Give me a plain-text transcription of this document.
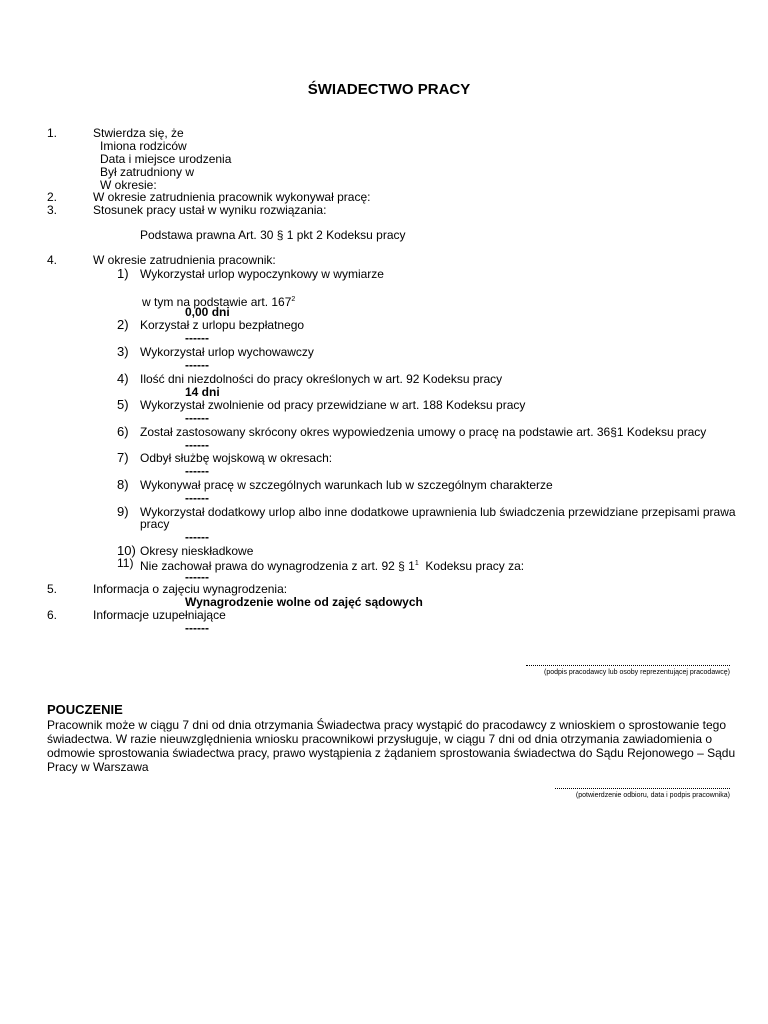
ŚWIADECTWO PRACY
1.	Stwierdza się, że
Imiona rodziców
Data i miejsce urodzenia
Był zatrudniony w
W okresie:
2.	W okresie zatrudnienia pracownik wykonywał pracę:
3.	Stosunek pracy ustał w wyniku rozwiązania:
Podstawa prawna Art. 30 § 1 pkt 2 Kodeksu pracy
4.	W okresie zatrudnienia pracownik:
1) Wykorzystał urlop wypoczynkowy w wymiarze
w tym na podstawie art. $167^2$
0,00 dni
2) Korzystał z urlopu bezpłatnego
------
3) Wykorzystał urlop wychowawczy
------
4) Ilość dni niezdolności do pracy określonych w art. 92 Kodeksu pracy
14 dni
5) Wykorzystał zwolnienie od pracy przewidziane w art. 188 Kodeksu pracy
------
6) Został zastosowany skrócony okres wypowiedzenia umowy o pracę na podstawie art. 36§1 Kodeksu pracy
------
7) Odbył służbę wojskową w okresach:
------
8) Wykonywał pracę w szczególnych warunkach lub w szczególnym charakterze
------
9) Wykorzystał dodatkowy urlop albo inne dodatkowe uprawnienia lub świadczenia przewidziane przepisami prawa
pracy
------
10) Okresy nieskładkowe
11) Nie zachował prawa do wynagrodzenia z art. 92 § $1^1$  Kodeksu pracy za:
------
5.	Informacja o zajęciu wynagrodzenia:
Wynagrodzenie wolne od zajęć sądowych
6.	Informacje uzupełniające
------
(podpis pracodawcy lub osoby reprezentującej pracodawcę)
POUCZENIE
Pracownik może w ciągu 7 dni od dnia otrzymania Świadectwa pracy wystąpić do pracodawcy z wnioskiem o sprostowanie tego świadectwa. W razie nieuwzględnienia wniosku pracownikowi przysługuje, w ciągu 7 dni od dnia otrzymania zawiadomienia o odmowie sprostowania świadectwa pracy, prawo wystąpienia z żądaniem sprostowania świadectwa do Sądu Rejonowego – Sądu Pracy w Warszawa
(potwierdzenie odbioru, data i podpis pracownika)
